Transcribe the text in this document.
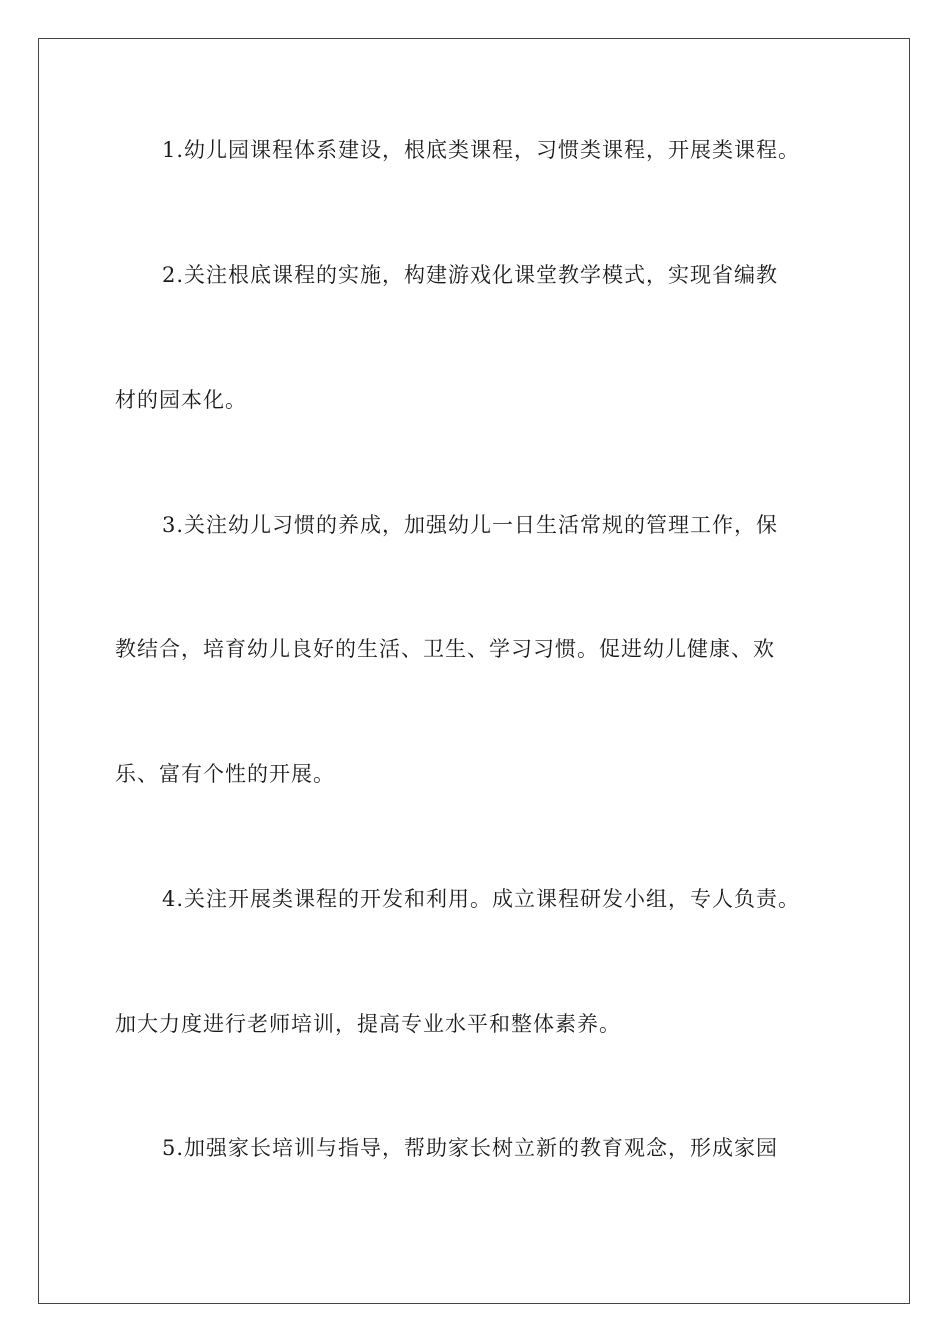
1.幼儿园课程体系建设，根底类课程，习惯类课程，开展类课程。
2.关注根底课程的实施，构建游戏化课堂教学模式，实现省编教
材的园本化。
3.关注幼儿习惯的养成，加强幼儿一日生活常规的管理工作，保
教结合，培育幼儿良好的生活、卫生、学习习惯。促进幼儿健康、欢
乐、富有个性的开展。
4.关注开展类课程的开发和利用。成立课程研发小组，专人负责。
加大力度进行老师培训，提高专业水平和整体素养。
5.加强家长培训与指导，帮助家长树立新的教育观念，形成家园
